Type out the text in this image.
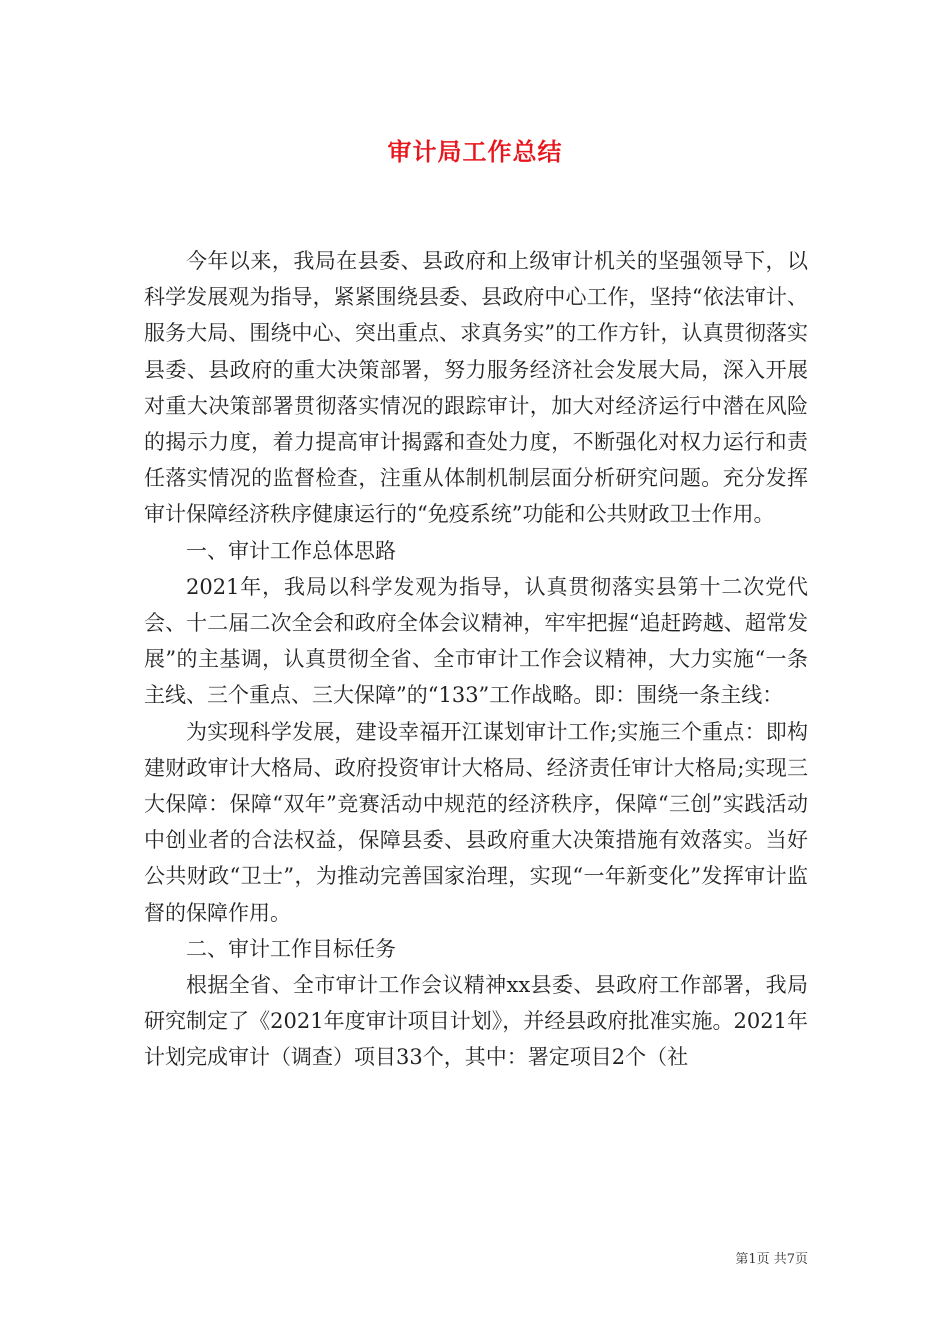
审计局工作总结

今年以来，我局在县委、县政府和上级审计机关的坚强领导下，以科学发展观为指导，紧紧围绕县委、县政府中心工作，坚持“依法审计、服务大局、围绕中心、突出重点、求真务实”的工作方针，认真贯彻落实县委、县政府的重大决策部署，努力服务经济社会发展大局，深入开展对重大决策部署贯彻落实情况的跟踪审计，加大对经济运行中潜在风险的揭示力度，着力提高审计揭露和查处力度，不断强化对权力运行和责任落实情况的监督检查，注重从体制机制层面分析研究问题。充分发挥审计保障经济秩序健康运行的“免疫系统”功能和公共财政卫士作用。

一、审计工作总体思路

2021年，我局以科学发观为指导，认真贯彻落实县第十二次党代会、十二届二次全会和政府全体会议精神，牢牢把握“追赶跨越、超常发展”的主基调，认真贯彻全省、全市审计工作会议精神，大力实施“一条主线、三个重点、三大保障”的“133”工作战略。即：围绕一条主线：

为实现科学发展，建设幸福开江谋划审计工作;实施三个重点：即构建财政审计大格局、政府投资审计大格局、经济责任审计大格局;实现三大保障：保障“双年”竞赛活动中规范的经济秩序，保障“三创”实践活动中创业者的合法权益，保障县委、县政府重大决策措施有效落实。当好公共财政“卫士”，为推动完善国家治理，实现“一年新变化”发挥审计监督的保障作用。

二、审计工作目标任务

根据全省、全市审计工作会议精神xx县委、县政府工作部署，我局研究制定了《2021年度审计项目计划》，并经县政府批准实施。2021年计划完成审计（调查）项目33个，其中：署定项目2个（社

第1页 共7页
